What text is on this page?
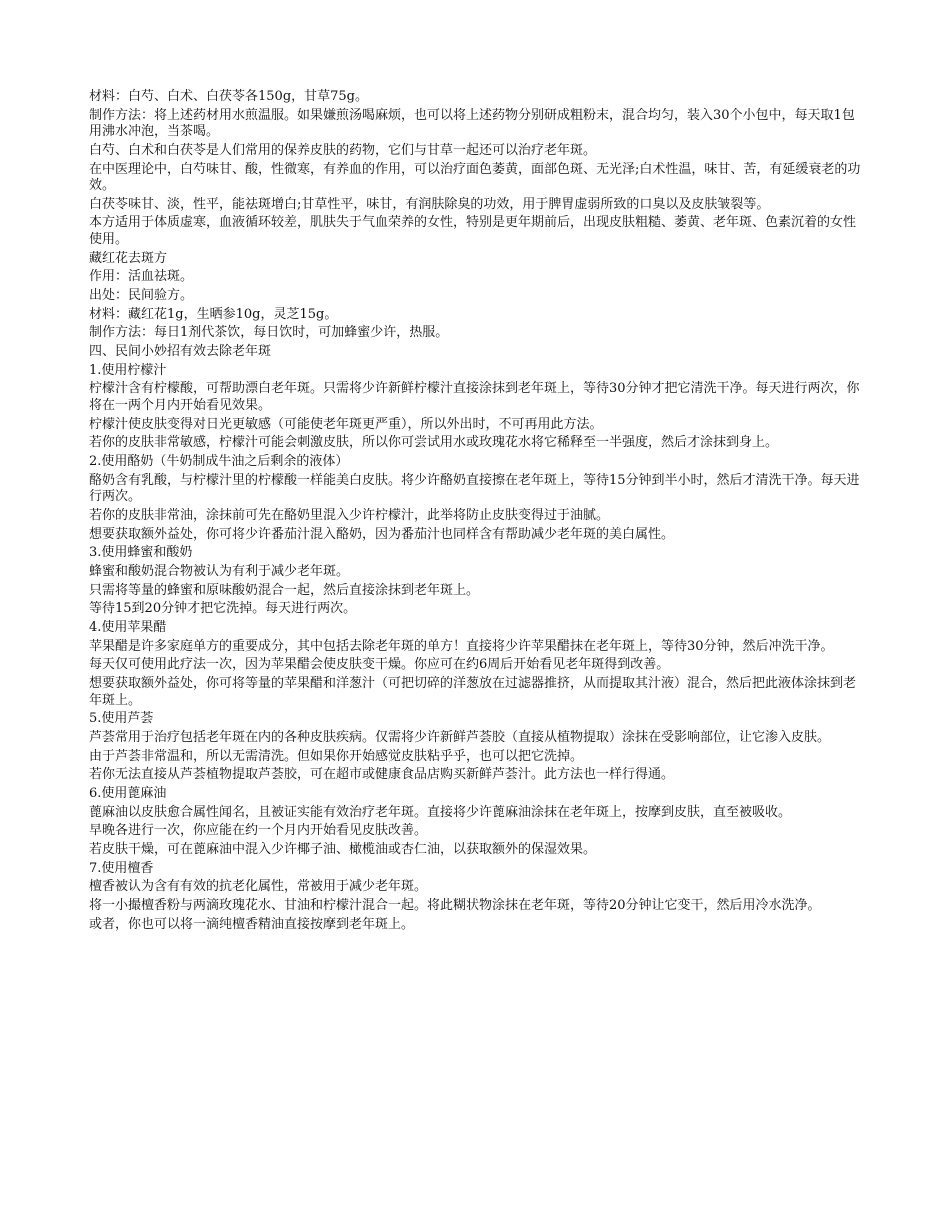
材料：白芍、白术、白茯苓各150g，甘草75g。

制作方法：将上述药材用水煎温服。如果嫌煎汤喝麻烦，也可以将上述药物分别研成粗粉末，混合均匀，装入30个小包中，每天取1包用沸水冲泡，当茶喝。

白芍、白术和白茯苓是人们常用的保养皮肤的药物，它们与甘草一起还可以治疗老年斑。

在中医理论中，白芍味甘、酸，性微寒，有养血的作用，可以治疗面色萎黄，面部色斑、无光泽;白术性温，味甘、苦，有延缓衰老的功效。

白茯苓味甘、淡，性平，能祛斑增白;甘草性平，味甘，有润肤除臭的功效，用于脾胃虚弱所致的口臭以及皮肤皱裂等。

本方适用于体质虚寒，血液循环较差，肌肤失于气血荣养的女性，特别是更年期前后，出现皮肤粗糙、萎黄、老年斑、色素沉着的女性使用。

藏红花去斑方

作用：活血祛斑。

出处：民间验方。

材料：藏红花1g，生晒参10g，灵芝15g。

制作方法：每日1剂代茶饮，每日饮时，可加蜂蜜少许，热服。

四、民间小妙招有效去除老年斑

1.使用柠檬汁

柠檬汁含有柠檬酸，可帮助漂白老年斑。只需将少许新鲜柠檬汁直接涂抹到老年斑上，等待30分钟才把它清洗干净。每天进行两次，你将在一两个月内开始看见效果。

柠檬汁使皮肤变得对日光更敏感（可能使老年斑更严重），所以外出时，不可再用此方法。

若你的皮肤非常敏感，柠檬汁可能会刺激皮肤，所以你可尝试用水或玫瑰花水将它稀释至一半强度，然后才涂抹到身上。

2.使用酪奶（牛奶制成牛油之后剩余的液体）

酪奶含有乳酸，与柠檬汁里的柠檬酸一样能美白皮肤。将少许酪奶直接擦在老年斑上，等待15分钟到半小时，然后才清洗干净。每天进行两次。

若你的皮肤非常油，涂抹前可先在酪奶里混入少许柠檬汁，此举将防止皮肤变得过于油腻。

想要获取额外益处，你可将少许番茄汁混入酪奶，因为番茄汁也同样含有帮助减少老年斑的美白属性。

3.使用蜂蜜和酸奶

蜂蜜和酸奶混合物被认为有利于减少老年斑。

只需将等量的蜂蜜和原味酸奶混合一起，然后直接涂抹到老年斑上。

等待15到20分钟才把它洗掉。每天进行两次。

4.使用苹果醋

苹果醋是许多家庭单方的重要成分，其中包括去除老年斑的单方！直接将少许苹果醋抹在老年斑上，等待30分钟，然后冲洗干净。

每天仅可使用此疗法一次，因为苹果醋会使皮肤变干燥。你应可在约6周后开始看见老年斑得到改善。

想要获取额外益处，你可将等量的苹果醋和洋葱汁（可把切碎的洋葱放在过滤器推挤，从而提取其汁液）混合，然后把此液体涂抹到老年斑上。

5.使用芦荟

芦荟常用于治疗包括老年斑在内的各种皮肤疾病。仅需将少许新鲜芦荟胶（直接从植物提取）涂抹在受影响部位，让它渗入皮肤。

由于芦荟非常温和，所以无需清洗。但如果你开始感觉皮肤粘乎乎，也可以把它洗掉。

若你无法直接从芦荟植物提取芦荟胶，可在超市或健康食品店购买新鲜芦荟汁。此方法也一样行得通。

6.使用蓖麻油

蓖麻油以皮肤愈合属性闻名，且被证实能有效治疗老年斑。直接将少许蓖麻油涂抹在老年斑上，按摩到皮肤，直至被吸收。

早晚各进行一次，你应能在约一个月内开始看见皮肤改善。

若皮肤干燥，可在蓖麻油中混入少许椰子油、橄榄油或杏仁油，以获取额外的保湿效果。

7.使用檀香

檀香被认为含有有效的抗老化属性，常被用于减少老年斑。

将一小撮檀香粉与两滴玫瑰花水、甘油和柠檬汁混合一起。将此糊状物涂抹在老年斑，等待20分钟让它变干，然后用冷水洗净。

或者，你也可以将一滴纯檀香精油直接按摩到老年斑上。
